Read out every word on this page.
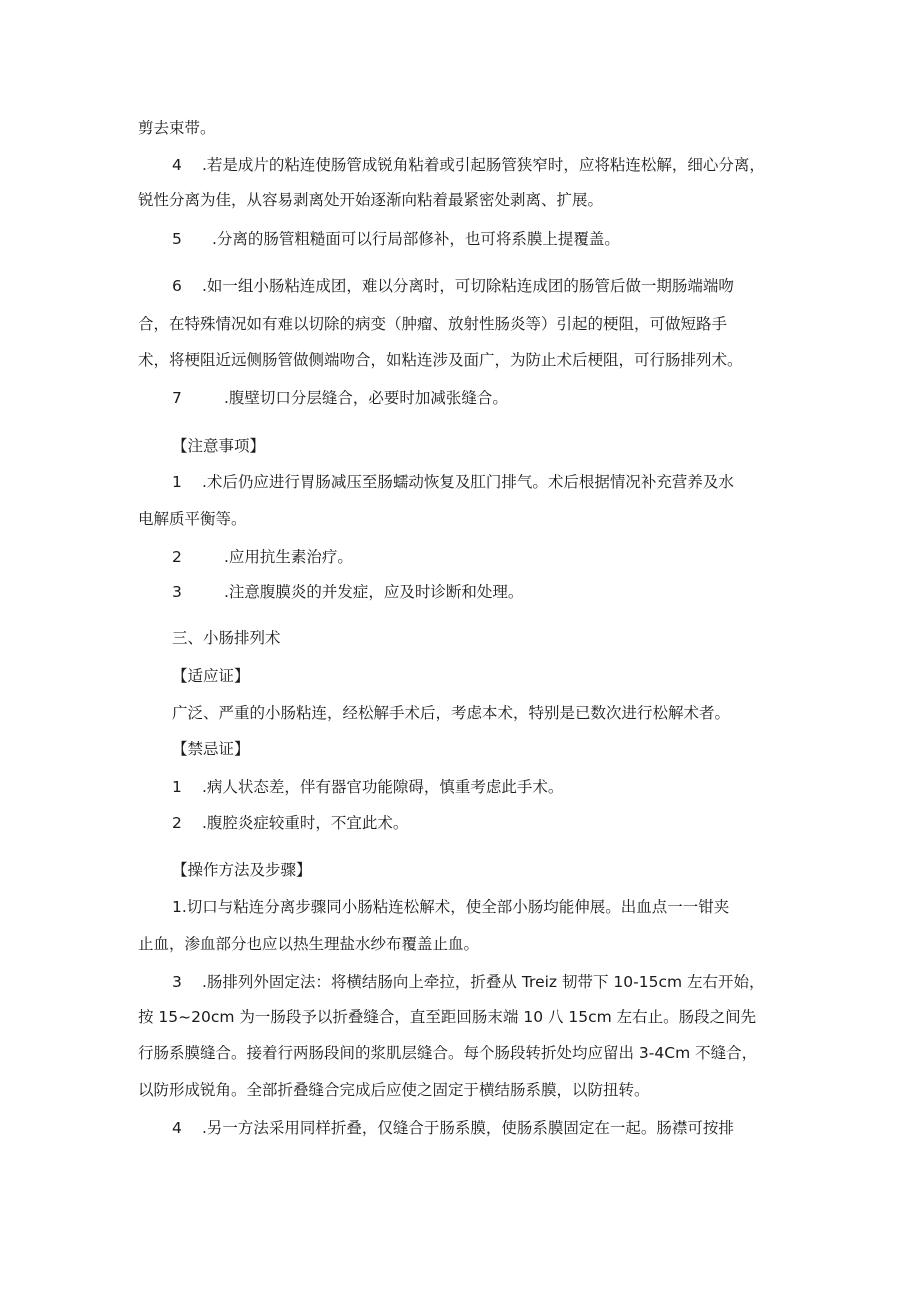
剪去束带。
4 .若是成片的粘连使肠管成锐角粘着或引起肠管狭窄时，应将粘连松解，细心分离，
锐性分离为佳，从容易剥离处开始逐渐向粘着最紧密处剥离、扩展。
5 .分离的肠管粗糙面可以行局部修补，也可将系膜上提覆盖。
6 .如一组小肠粘连成团，难以分离时，可切除粘连成团的肠管后做一期肠端端吻
合，在特殊情况如有难以切除的病变（肿瘤、放射性肠炎等）引起的梗阻，可做短路手
术，将梗阻近远侧肠管做侧端吻合，如粘连涉及面广，为防止术后梗阻，可行肠排列术。
7	.腹壁切口分层缝合，必要时加减张缝合。
【注意事项】
1 .术后仍应进行胃肠减压至肠蠕动恢复及肛门排气。术后根据情况补充营养及水
电解质平衡等。
2	.应用抗生素治疗。
3	.注意腹膜炎的并发症，应及时诊断和处理。
三、小肠排列术
【适应证】
广泛、严重的小肠粘连，经松解手术后，考虑本术，特别是已数次进行松解术者。
【禁忌证】
1 .病人状态差，伴有器官功能隙碍，慎重考虑此手术。
2 .腹腔炎症较重时，不宜此术。
【操作方法及步骤】
1.切口与粘连分离步骤同小肠粘连松解术，使全部小肠均能伸展。出血点一一钳夹
止血，渗血部分也应以热生理盐水纱布覆盖止血。
3 .肠排列外固定法：将横结肠向上牵拉，折叠从 Treiz 韧带下 10-15cm 左右开始，
按 15~20cm 为一肠段予以折叠缝合，直至距回肠末端 10 八 15cm 左右止。肠段之间先
行肠系膜缝合。接着行两肠段间的浆肌层缝合。每个肠段转折处均应留出 3-4Cm 不缝合，
以防形成锐角。全部折叠缝合完成后应使之固定于横结肠系膜，以防扭转。
4 .另一方法采用同样折叠，仅缝合于肠系膜，使肠系膜固定在一起。肠襟可按排
